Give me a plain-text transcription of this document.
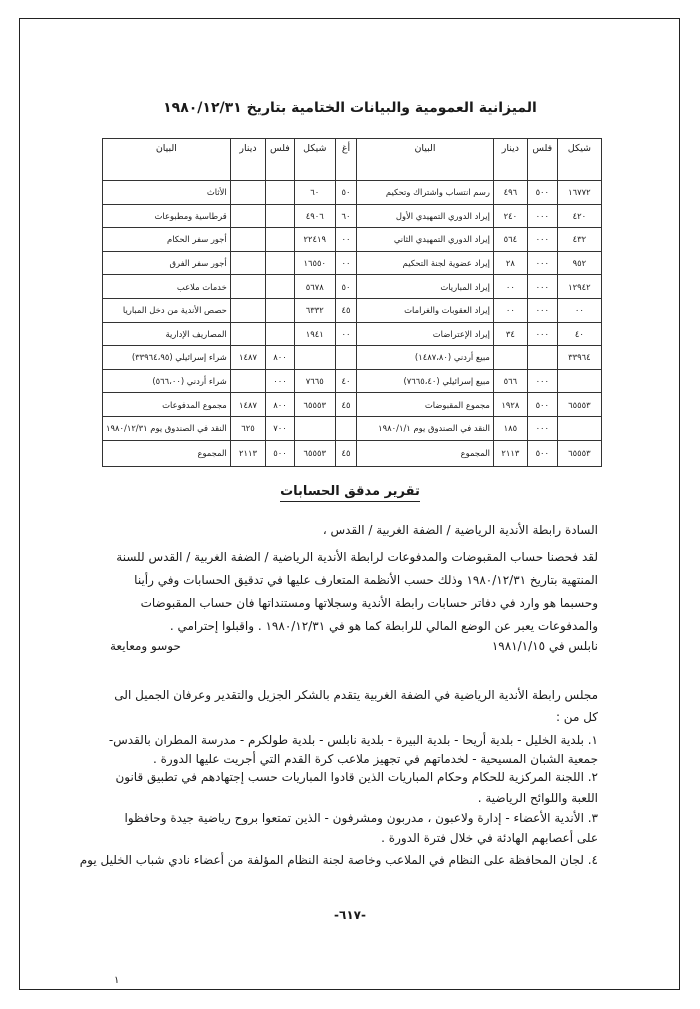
الميزانية العمومية والبيانات الختامية بتاريخ ١٩٨٠/١٢/٣١
شيكل	فلس	دينار	البيان	أغ	شيكل	فلس	دينار	البيان
١٦٧٧٢	٥٠٠	٤٩٦	رسم انتساب واشتراك وتحكيم	٥٠	٦٠			الأثاث
٤٢٠	٠٠٠	٢٤٠	إيراد الدوري التمهيدي الأول	٦٠	٤٩٠٦			قرطاسية ومطبوعات
٤٣٢	٠٠٠	٥٦٤	إيراد الدوري التمهيدي الثاني	٠٠	٢٢٤١٩			أجور سفر الحكام
٩٥٢	٠٠٠	٢٨	إيراد عضوية لجنة التحكيم	٠٠	١٦٥٥٠			أجور سفر الفرق
١٢٩٤٢	٠٠٠	٠٠	إيراد المباريات	٥٠	٥٦٧٨			خدمات ملاعب
٠٠	٠٠٠	٠٠	إيراد العقوبات والغرامات	٤٥	٦٣٣٢			حصص الأندية من دخل المباريا
٤٠	٠٠٠	٣٤	إيراد الإعتراضات	٠٠	١٩٤١			المصاريف الإدارية
٣٣٩٦٤			مبيع أردني (١٤٨٧،٨٠)			٨٠٠	١٤٨٧	شراء إسرائيلي (٣٣٩٦٤،٩٥)
	٠٠٠	٥٦٦	مبيع إسرائيلي (٧٦٦٥،٤٠)	٤٠	٧٦٦٥	٠٠٠		شراء أردني (٥٦٦،٠٠)
٦٥٥٥٣	٥٠٠	١٩٢٨	مجموع المقبوضات	٤٥	٦٥٥٥٣	٨٠٠	١٤٨٧	مجموع المدفوعات
	٠٠٠	١٨٥	النقد في الصندوق يوم ١٩٨٠/١/١			٧٠٠	٦٢٥	النقد في الصندوق يوم ١٩٨٠/١٢/٣١
٦٥٥٥٣	٥٠٠	٢١١٣	المجموع	٤٥	٦٥٥٥٣	٥٠٠	٢١١٣	المجموع
تقرير مدقق الحسابات
السادة رابطة الأندية الرياضية / الضفة الغربية / القدس ،
لقد فحصنا حساب المقبوضات والمدفوعات لرابطة الأندية الرياضية / الضفة الغربية / القدس للسنة
المنتهية بتاريخ ١٩٨٠/١٢/٣١ وذلك حسب الأنظمة المتعارف عليها في تدقيق الحسابات وفي رأينا
وحسبما هو وارد في دفاتر حسابات رابطة الأندية وسجلاتها ومستنداتها فان حساب المقبوضات
والمدفوعات يعبر عن الوضع المالي للرابطة كما هو في ١٩٨٠/١٢/٣١ . واقبلوا إحترامي .
نابلس في ١٩٨١/١/١٥
حوسو ومعايعة
مجلس رابطة الأندية الرياضية في الضفة الغربية يتقدم بالشكر الجزيل والتقدير وعرفان الجميل الى
كل من :
١. بلدية الخليل - بلدية أريحا - بلدية البيرة - بلدية نابلس - بلدية طولكرم - مدرسة المطران بالقدس-
جمعية الشبان المسيحية - لخدماتهم في تجهيز ملاعب كرة القدم التي أجريت عليها الدورة .
٢. اللجنة المركزية للحكام وحكام المباريات الذين قادوا المباريات حسب إجتهادهم في تطبيق قانون
اللعبة واللوائح الرياضية .
٣. الأندية الأعضاء - إدارة ولاعبون ، مدربون ومشرفون - الذين تمتعوا بروح رياضية جيدة وحافظوا
على أعصابهم الهادئة في خلال فترة الدورة .
٤. لجان المحافظة على النظام في الملاعب وخاصة لجنة النظام المؤلفة من أعضاء نادي شباب الخليل يوم
-٦١٧-
١
